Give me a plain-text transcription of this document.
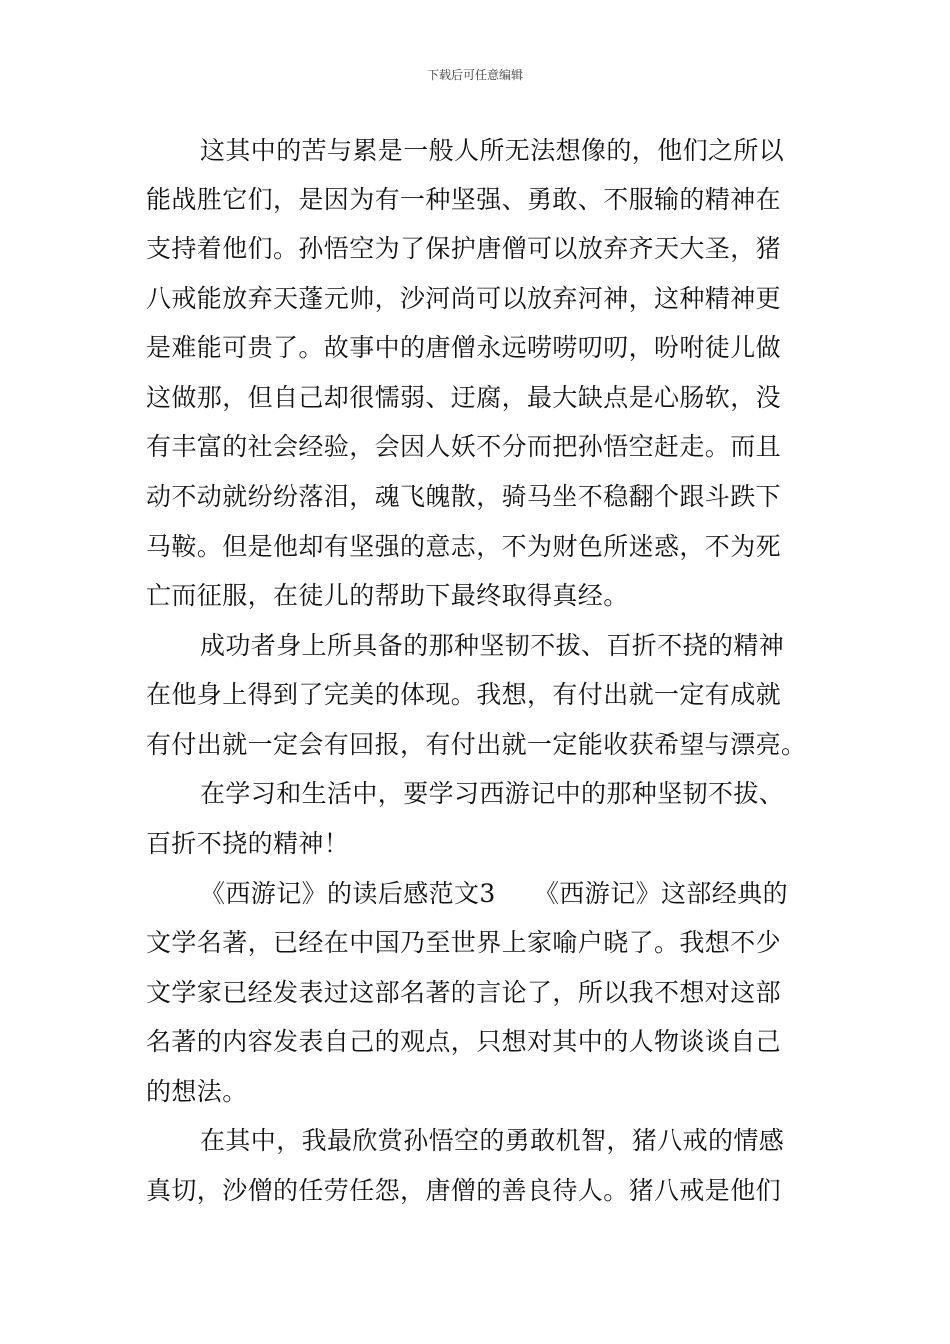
下载后可任意编辑
这其中的苦与累是一般人所无法想像的，他们之所以
能战胜它们，是因为有一种坚强、勇敢、不服输的精神在
支持着他们。孙悟空为了保护唐僧可以放弃齐天大圣，猪
八戒能放弃天蓬元帅，沙河尚可以放弃河神，这种精神更
是难能可贵了。故事中的唐僧永远唠唠叨叨，吩咐徒儿做
这做那，但自己却很懦弱、迂腐，最大缺点是心肠软，没
有丰富的社会经验，会因人妖不分而把孙悟空赶走。而且
动不动就纷纷落泪，魂飞魄散，骑马坐不稳翻个跟斗跌下
马鞍。但是他却有坚强的意志，不为财色所迷惑，不为死
亡而征服，在徒儿的帮助下最终取得真经。
成功者身上所具备的那种坚韧不拔、百折不挠的精神
在他身上得到了完美的体现。我想，有付出就一定有成就
有付出就一定会有回报，有付出就一定能收获希望与漂亮。
在学习和生活中，要学习西游记中的那种坚韧不拔、
百折不挠的精神！
《西游记》的读后感范文3　　《西游记》这部经典的
文学名著，已经在中国乃至世界上家喻户晓了。我想不少
文学家已经发表过这部名著的言论了，所以我不想对这部
名著的内容发表自己的观点，只想对其中的人物谈谈自己
的想法。
在其中，我最欣赏孙悟空的勇敢机智，猪八戒的情感
真切，沙僧的任劳任怨，唐僧的善良待人。猪八戒是他们
